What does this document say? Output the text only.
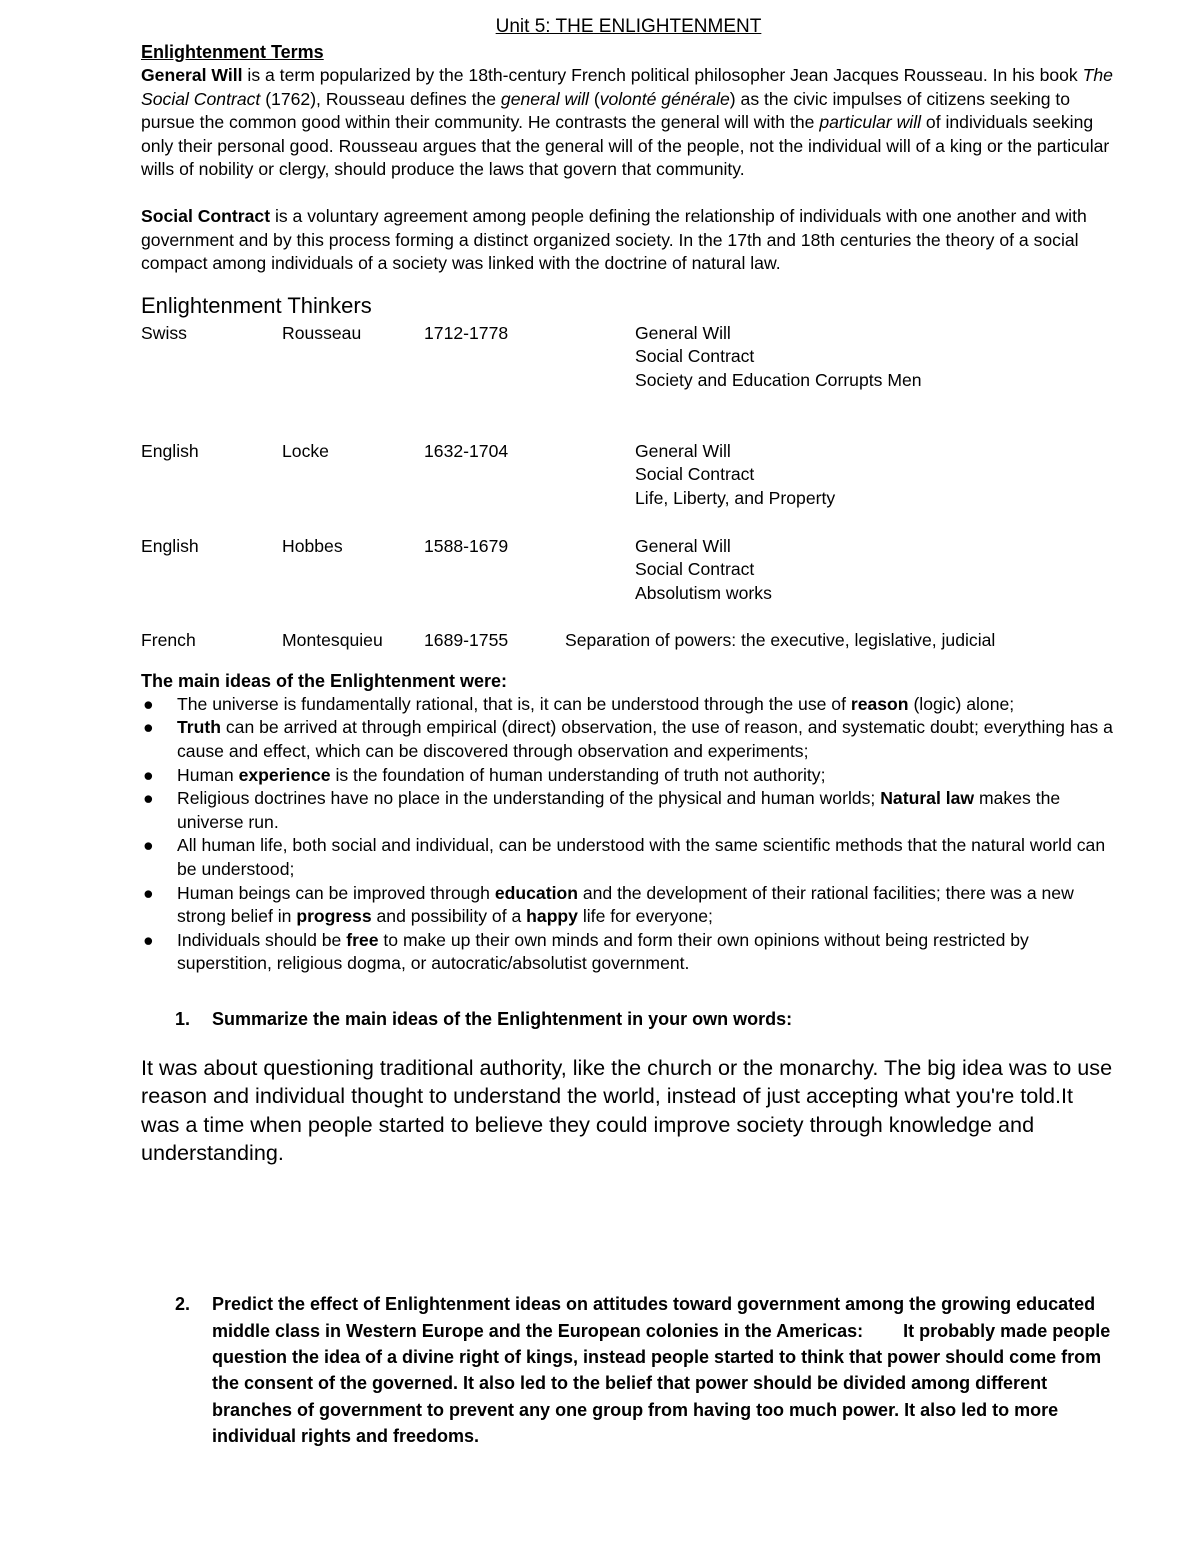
Unit 5: THE ENLIGHTENMENT
Enlightenment Terms

General Will is a term popularized by the 18th-century French political philosopher Jean Jacques Rousseau. In his book The Social Contract (1762), Rousseau defines the general will (volonté générale) as the civic impulses of citizens seeking to pursue the common good within their community. He contrasts the general will with the particular will of individuals seeking only their personal good. Rousseau argues that the general will of the people, not the individual will of a king or the particular wills of nobility or clergy, should produce the laws that govern that community.

Social Contract is a voluntary agreement among people defining the relationship of individuals with one another and with government and by this process forming a distinct organized society. In the 17th and 18th centuries the theory of a social compact among individuals of a society was linked with the doctrine of natural law.

Enlightenment Thinkers
Swiss	Rousseau	1712-1778	General Will
Social Contract
Society and Education Corrupts Men
English	Locke	1632-1704	General Will
Social Contract
Life, Liberty, and Property
English	Hobbes	1588-1679	General Will
Social Contract
Absolutism works
French	Montesquieu 1689-1755	Separation of powers: the executive, legislative, judicial
The main ideas of the Enlightenment were:
● The universe is fundamentally rational, that is, it can be understood through the use of reason (logic) alone;
● Truth can be arrived at through empirical (direct) observation, the use of reason, and systematic doubt; everything has a cause and effect, which can be discovered through observation and experiments;
● Human experience is the foundation of human understanding of truth not authority;
● Religious doctrines have no place in the understanding of the physical and human worlds; Natural law makes the universe run.
● All human life, both social and individual, can be understood with the same scientific methods that the natural world can be understood;
● Human beings can be improved through education and the development of their rational facilities; there was a new strong belief in progress and possibility of a happy life for everyone;
● Individuals should be free to make up their own minds and form their own opinions without being restricted by superstition, religious dogma, or autocratic/absolutist government.

1. Summarize the main ideas of the Enlightenment in your own words:

It was about questioning traditional authority, like the church or the monarchy. The big idea was to use reason and individual thought to understand the world, instead of just accepting what you're told.It was a time when people started to believe they could improve society through knowledge and understanding.

2. Predict the effect of Enlightenment ideas on attitudes toward government among the growing educated middle class in Western Europe and the European colonies in the Americas: It probably made people question the idea of a divine right of kings, instead people started to think that power should come from the consent of the governed. It also led to the belief that power should be divided among different branches of government to prevent any one group from having too much power. It also led to more individual rights and freedoms.
